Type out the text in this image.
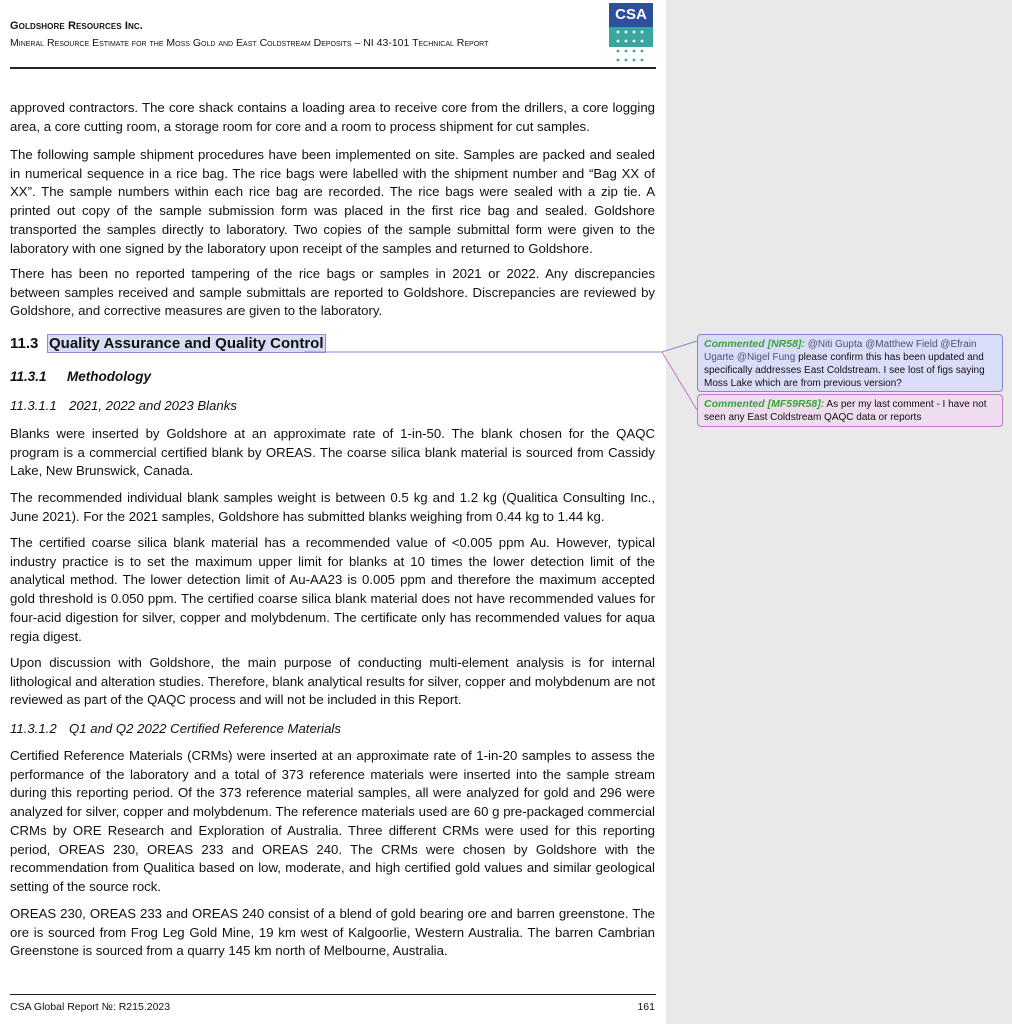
Goldshore Resources Inc.
Mineral Resource Estimate for the Moss Gold and East Coldstream Deposits – NI 43-101 Technical Report
CSA

approved contractors. The core shack contains a loading area to receive core from the drillers, a core logging area, a core cutting room, a storage room for core and a room to process shipment for cut samples.

The following sample shipment procedures have been implemented on site. Samples are packed and sealed in numerical sequence in a rice bag. The rice bags were labelled with the shipment number and “Bag XX of XX”. The sample numbers within each rice bag are recorded. The rice bags were sealed with a zip tie. A printed out copy of the sample submission form was placed in the first rice bag and sealed. Goldshore transported the samples directly to laboratory. Two copies of the sample submittal form were given to the laboratory with one signed by the laboratory upon receipt of the samples and returned to Goldshore.

There has been no reported tampering of the rice bags or samples in 2021 or 2022. Any discrepancies between samples received and sample submittals are reported to Goldshore. Discrepancies are reviewed by Goldshore, and corrective measures are given to the laboratory.

11.3 Quality Assurance and Quality Control
11.3.1 Methodology
11.3.1.1 2021, 2022 and 2023 Blanks

Blanks were inserted by Goldshore at an approximate rate of 1-in-50. The blank chosen for the QAQC program is a commercial certified blank by OREAS. The coarse silica blank material is sourced from Cassidy Lake, New Brunswick, Canada.

The recommended individual blank samples weight is between 0.5 kg and 1.2 kg (Qualitica Consulting Inc., June 2021). For the 2021 samples, Goldshore has submitted blanks weighing from 0.44 kg to 1.44 kg.

The certified coarse silica blank material has a recommended value of <0.005 ppm Au. However, typical industry practice is to set the maximum upper limit for blanks at 10 times the lower detection limit of the analytical method. The lower detection limit of Au-AA23 is 0.005 ppm and therefore the maximum accepted gold threshold is 0.050 ppm. The certified coarse silica blank material does not have recommended values for four-acid digestion for silver, copper and molybdenum. The certificate only has recommended values for aqua regia digest.

Upon discussion with Goldshore, the main purpose of conducting multi-element analysis is for internal lithological and alteration studies. Therefore, blank analytical results for silver, copper and molybdenum are not reviewed as part of the QAQC process and will not be included in this Report.

11.3.1.2 Q1 and Q2 2022 Certified Reference Materials

Certified Reference Materials (CRMs) were inserted at an approximate rate of 1-in-20 samples to assess the performance of the laboratory and a total of 373 reference materials were inserted into the sample stream during this reporting period. Of the 373 reference material samples, all were analyzed for gold and 296 were analyzed for silver, copper and molybdenum. The reference materials used are 60 g pre-packaged commercial CRMs by ORE Research and Exploration of Australia. Three different CRMs were used for this reporting period, OREAS 230, OREAS 233 and OREAS 240. The CRMs were chosen by Goldshore with the recommendation from Qualitica based on low, moderate, and high certified gold values and similar geological setting of the source rock.

OREAS 230, OREAS 233 and OREAS 240 consist of a blend of gold bearing ore and barren greenstone. The ore is sourced from Frog Leg Gold Mine, 19 km west of Kalgoorlie, Western Australia. The barren Cambrian Greenstone is sourced from a quarry 145 km north of Melbourne, Australia.

CSA Global Report №: R215.2023	161
Commented [NR58]: @Niti Gupta @Matthew Field @Efrain Ugarte @Nigel Fung please confirm this has been updated and specifically addresses East Coldstream. I see lost of figs saying Moss Lake which are from previous version?
Commented [MF59R58]: As per my last comment - I have not seen any East Coldstream QAQC data or reports
